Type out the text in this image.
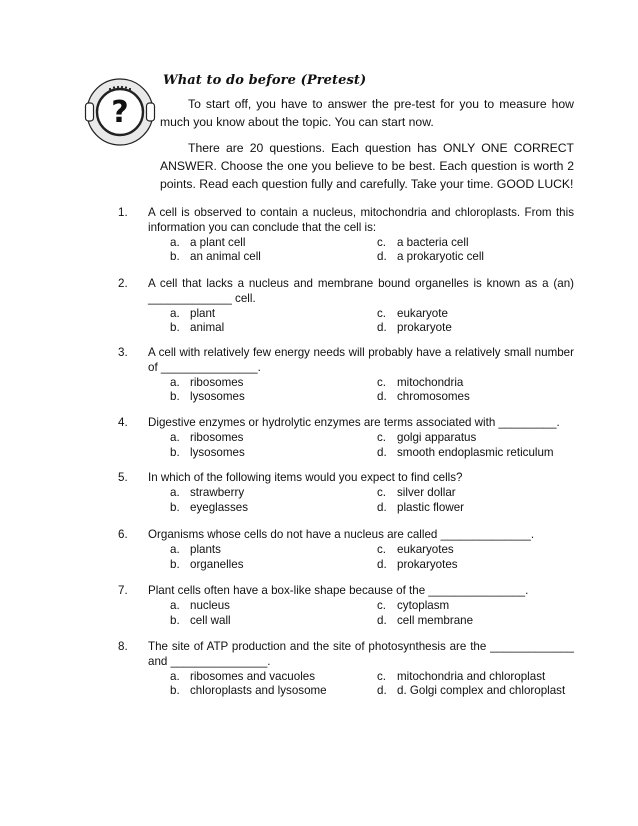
?
What to do before (Pretest)
To start off, you have to answer the pre-test for you to measure how much you know about the topic. You can start now.
There are 20 questions. Each question has ONLY ONE CORRECT ANSWER. Choose the one you believe to be best. Each question is worth 2 points. Read each question fully and carefully. Take your time. GOOD LUCK!
1. A cell is observed to contain a nucleus, mitochondria and chloroplasts. From this information you can conclude that the cell is:
a. a plant cell	c. a bacteria cell
b. an animal cell	d. a prokaryotic cell
2. A cell that lacks a nucleus and membrane bound organelles is known as a (an) _____________ cell.
a. plant	c. eukaryote
b. animal	d. prokaryote
3. A cell with relatively few energy needs will probably have a relatively small number of _______________.
a. ribosomes	c. mitochondria
b. lysosomes	d. chromosomes
4. Digestive enzymes or hydrolytic enzymes are terms associated with _________.
a. ribosomes	c. golgi apparatus
b. lysosomes	d. smooth endoplasmic reticulum
5. In which of the following items would you expect to find cells?
a. strawberry	c. silver dollar
b. eyeglasses	d. plastic flower
6. Organisms whose cells do not have a nucleus are called ______________.
a. plants	c. eukaryotes
b. organelles	d. prokaryotes
7. Plant cells often have a box-like shape because of the _______________.
a. nucleus	c. cytoplasm
b. cell wall	d. cell membrane
8. The site of ATP production and the site of photosynthesis are the _____________ and _______________.
a. ribosomes and vacuoles	c. mitochondria and chloroplast
b. chloroplasts and lysosome	d. d. Golgi complex and chloroplast
